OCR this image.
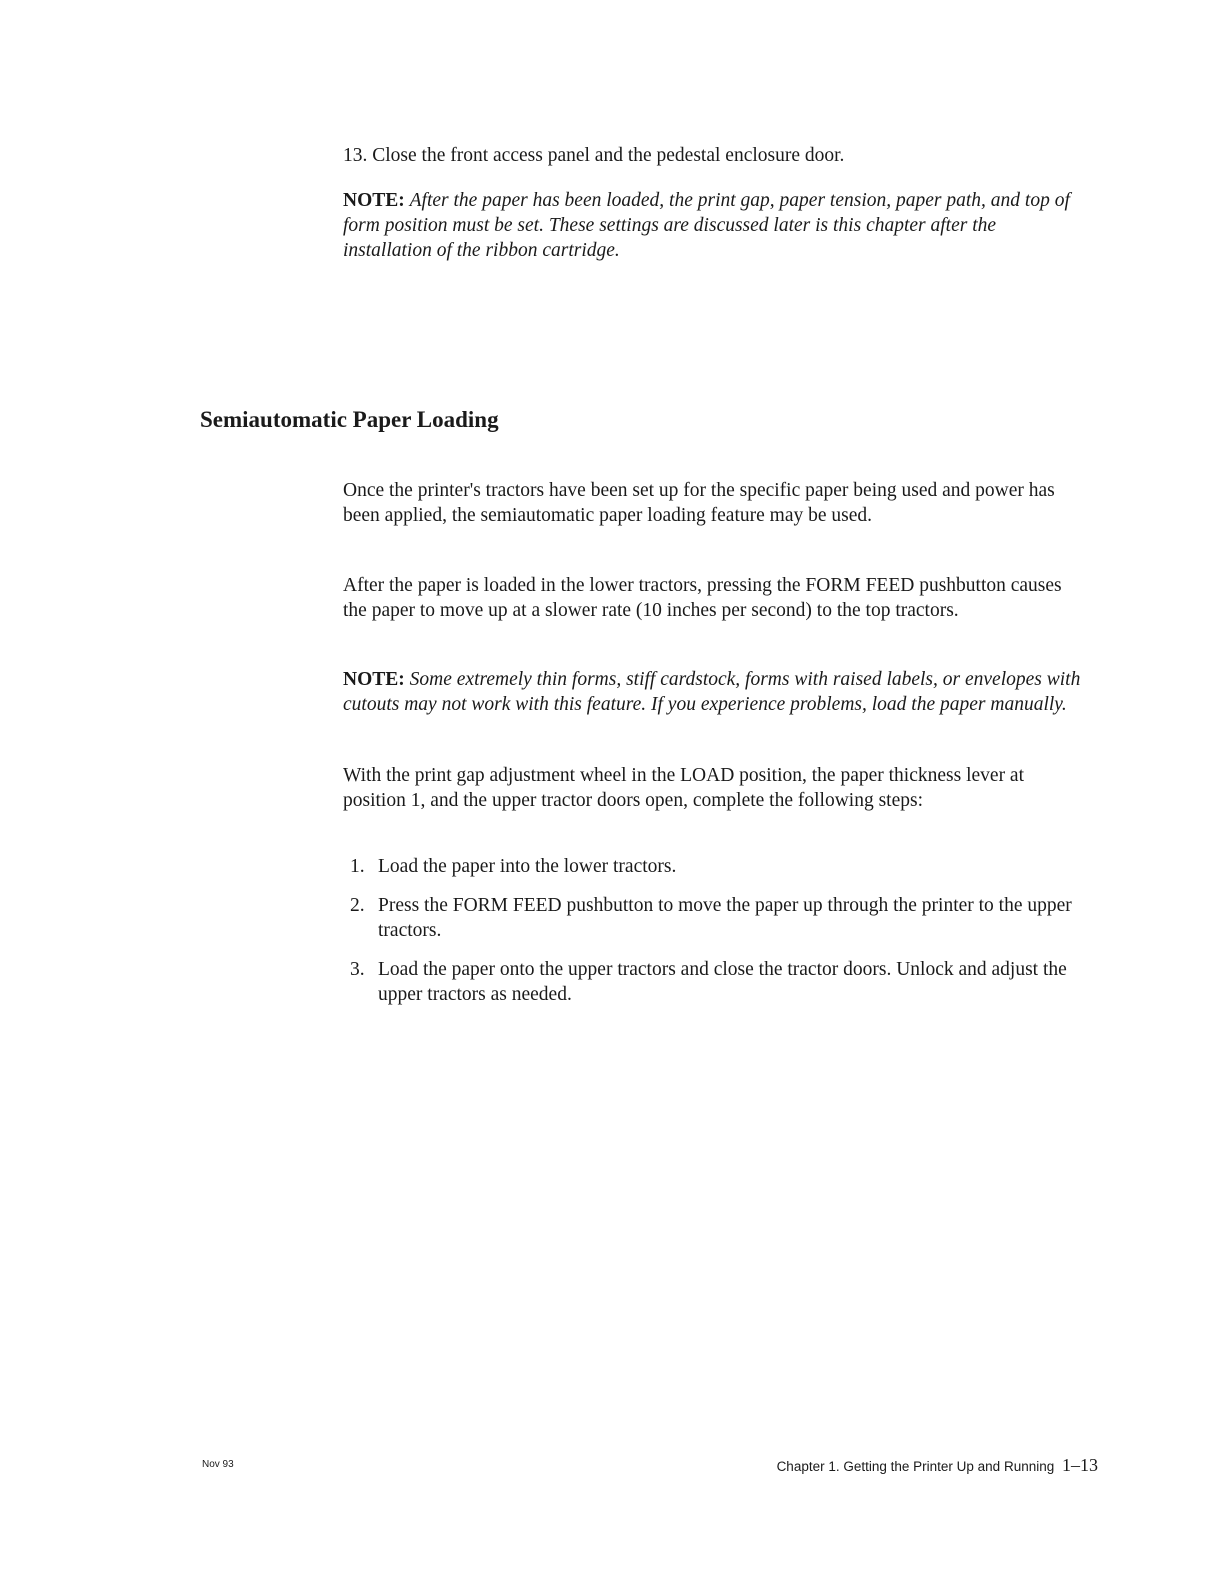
13. Close the front access panel and the pedestal enclosure door.
NOTE: After the paper has been loaded, the print gap, paper tension, paper path, and top of form position must be set. These settings are discussed later is this chapter after the installation of the ribbon cartridge.
Semiautomatic Paper Loading
Once the printer's tractors have been set up for the specific paper being used and power has been applied, the semiautomatic paper loading feature may be used.
After the paper is loaded in the lower tractors, pressing the FORM FEED pushbutton causes the paper to move up at a slower rate (10 inches per second) to the top tractors.
NOTE: Some extremely thin forms, stiff cardstock, forms with raised labels, or envelopes with cutouts may not work with this feature. If you experience problems, load the paper manually.
With the print gap adjustment wheel in the LOAD position, the paper thickness lever at position 1, and the upper tractor doors open, complete the following steps:
1. Load the paper into the lower tractors.
2. Press the FORM FEED pushbutton to move the paper up through the printer to the upper tractors.
3. Load the paper onto the upper tractors and close the tractor doors. Unlock and adjust the upper tractors as needed.
Nov 93	Chapter 1. Getting the Printer Up and Running 1–13
